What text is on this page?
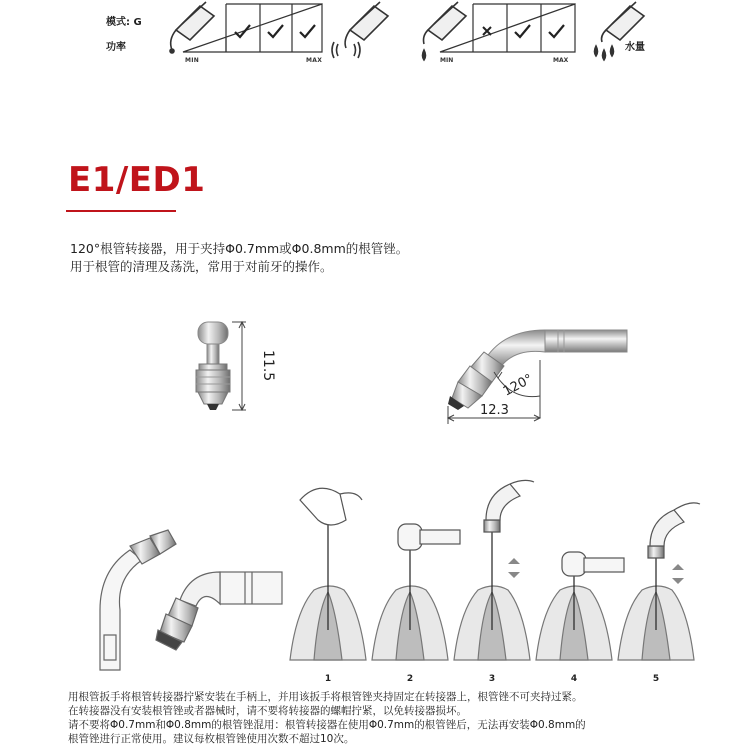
模式: G
功率	水量
MIN	MAX	MIN	MAX
E1/ED1
120°根管转接器，用于夹持Φ0.7mm或Φ0.8mm的根管锉。
用于根管的清理及荡洗，常用于对前牙的操作。
11.5
120°
12.3
1	2	3	4	5
用根管扳手将根管转接器拧紧安装在手柄上，并用该扳手将根管锉夹持固定在转接器上，根管锉不可夹持过紧。
在转接器没有安装根管锉或者器械时，请不要将转接器的螺帽拧紧，以免转接器损坏。
请不要将Φ0.7mm和Φ0.8mm的根管锉混用：根管转接器在使用Φ0.7mm的根管锉后，无法再安装Φ0.8mm的
根管锉进行正常使用。建议每枚根管锉使用次数不超过10次。
